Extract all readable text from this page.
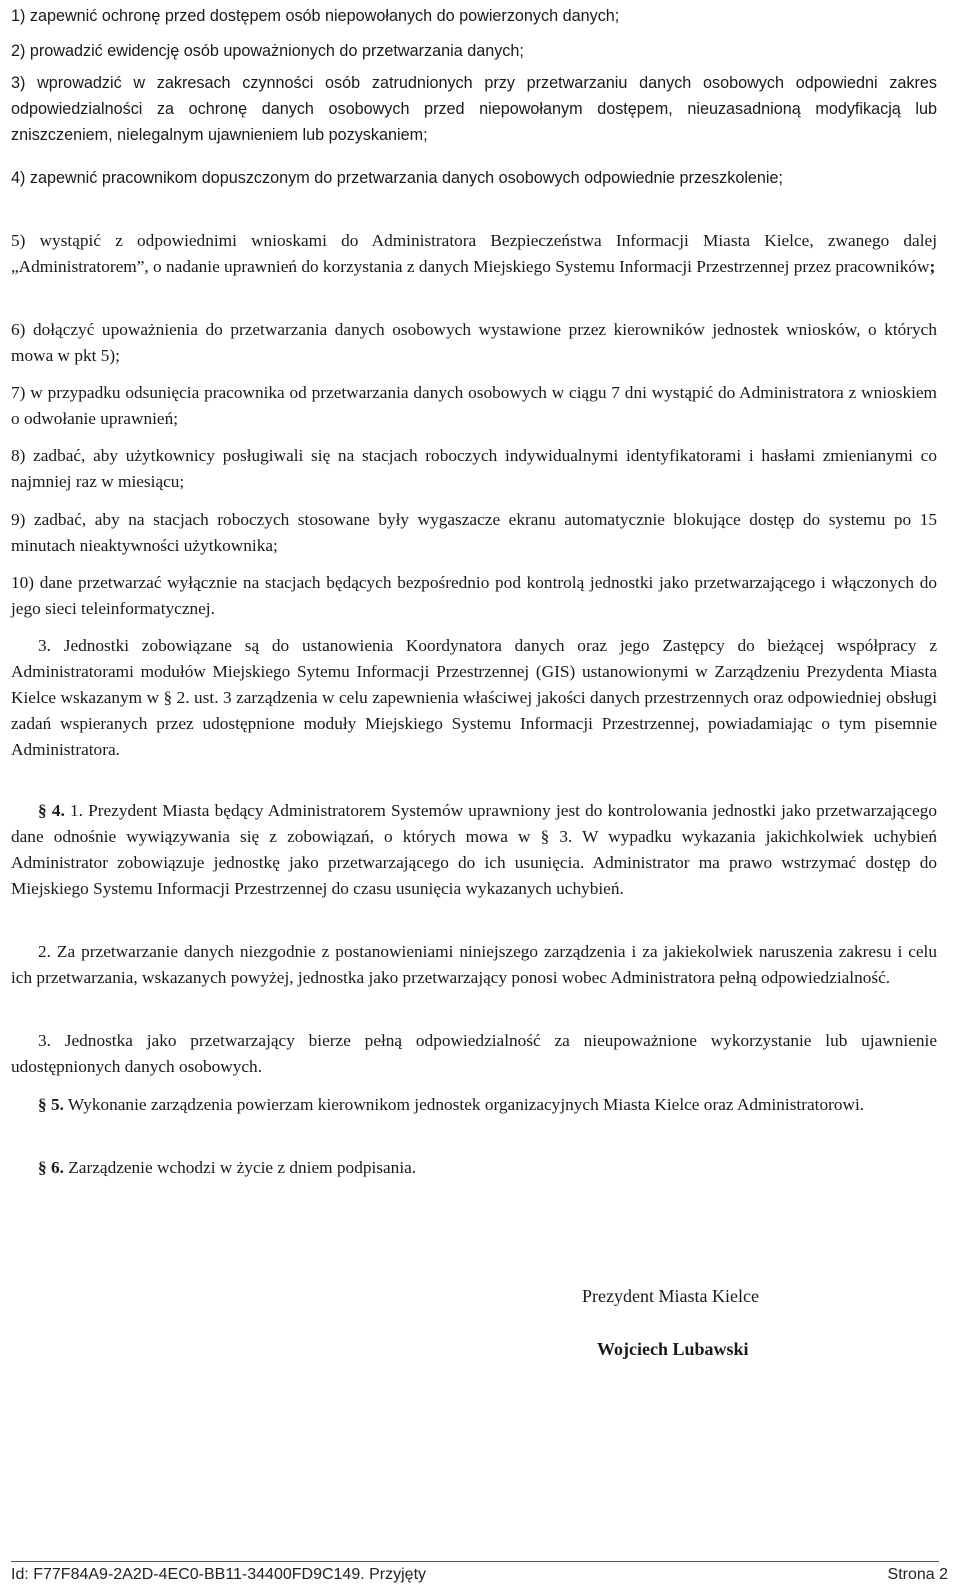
1) zapewnić ochronę przed dostępem osób niepowołanych do powierzonych danych;

2) prowadzić ewidencję osób upoważnionych do przetwarzania danych;

3) wprowadzić w zakresach czynności osób zatrudnionych przy przetwarzaniu danych osobowych odpowiedni zakres odpowiedzialności za ochronę danych osobowych przed niepowołanym dostępem, nieuzasadnioną modyfikacją lub zniszczeniem, nielegalnym ujawnieniem lub pozyskaniem;

4) zapewnić pracownikom dopuszczonym do przetwarzania danych osobowych odpowiednie przeszkolenie;

5) wystąpić z odpowiednimi wnioskami do Administratora Bezpieczeństwa Informacji Miasta Kielce, zwanego dalej „Administratorem”, o nadanie uprawnień do korzystania z danych Miejskiego Systemu Informacji Przestrzennej przez pracowników;

6) dołączyć upoważnienia do przetwarzania danych osobowych wystawione przez kierowników jednostek wniosków, o których mowa w pkt 5);

7) w przypadku odsunięcia pracownika od przetwarzania danych osobowych w ciągu 7 dni wystąpić do Administratora z wnioskiem o odwołanie uprawnień;

8) zadbać, aby użytkownicy posługiwali się na stacjach roboczych indywidualnymi identyfikatorami i hasłami zmienianymi co najmniej raz w miesiącu;

9) zadbać, aby na stacjach roboczych stosowane były wygaszacze ekranu automatycznie blokujące dostęp do systemu po 15 minutach nieaktywności użytkownika;

10) dane przetwarzać wyłącznie na stacjach będących bezpośrednio pod kontrolą jednostki jako przetwarzającego i włączonych do jego sieci teleinformatycznej.

3. Jednostki zobowiązane są do ustanowienia Koordynatora danych oraz jego Zastępcy do bieżącej współpracy z Administratorami modułów Miejskiego Sytemu Informacji Przestrzennej (GIS) ustanowionymi w Zarządzeniu Prezydenta Miasta Kielce wskazanym w § 2. ust. 3 zarządzenia w celu zapewnienia właściwej jakości danych przestrzennych oraz odpowiedniej obsługi zadań wspieranych przez udostępnione moduły Miejskiego Systemu Informacji Przestrzennej, powiadamiając o tym pisemnie Administratora.

§ 4. 1. Prezydent Miasta będący Administratorem Systemów uprawniony jest do kontrolowania jednostki jako przetwarzającego dane odnośnie wywiązywania się z zobowiązań, o których mowa w § 3. W wypadku wykazania jakichkolwiek uchybień Administrator zobowiązuje jednostkę jako przetwarzającego do ich usunięcia. Administrator ma prawo wstrzymać dostęp do Miejskiego Systemu Informacji Przestrzennej do czasu usunięcia wykazanych uchybień.

2. Za przetwarzanie danych niezgodnie z postanowieniami niniejszego zarządzenia i za jakiekolwiek naruszenia zakresu i celu ich przetwarzania, wskazanych powyżej, jednostka jako przetwarzający ponosi wobec Administratora pełną odpowiedzialność.

3. Jednostka jako przetwarzający bierze pełną odpowiedzialność za nieupoważnione wykorzystanie lub ujawnienie udostępnionych danych osobowych.

§ 5. Wykonanie zarządzenia powierzam kierownikom jednostek organizacyjnych Miasta Kielce oraz Administratorowi.

§ 6. Zarządzenie wchodzi w życie z dniem podpisania.

Prezydent Miasta Kielce
Wojciech Lubawski
Id: F77F84A9-2A2D-4EC0-BB11-34400FD9C149. Przyjęty	Strona 2
